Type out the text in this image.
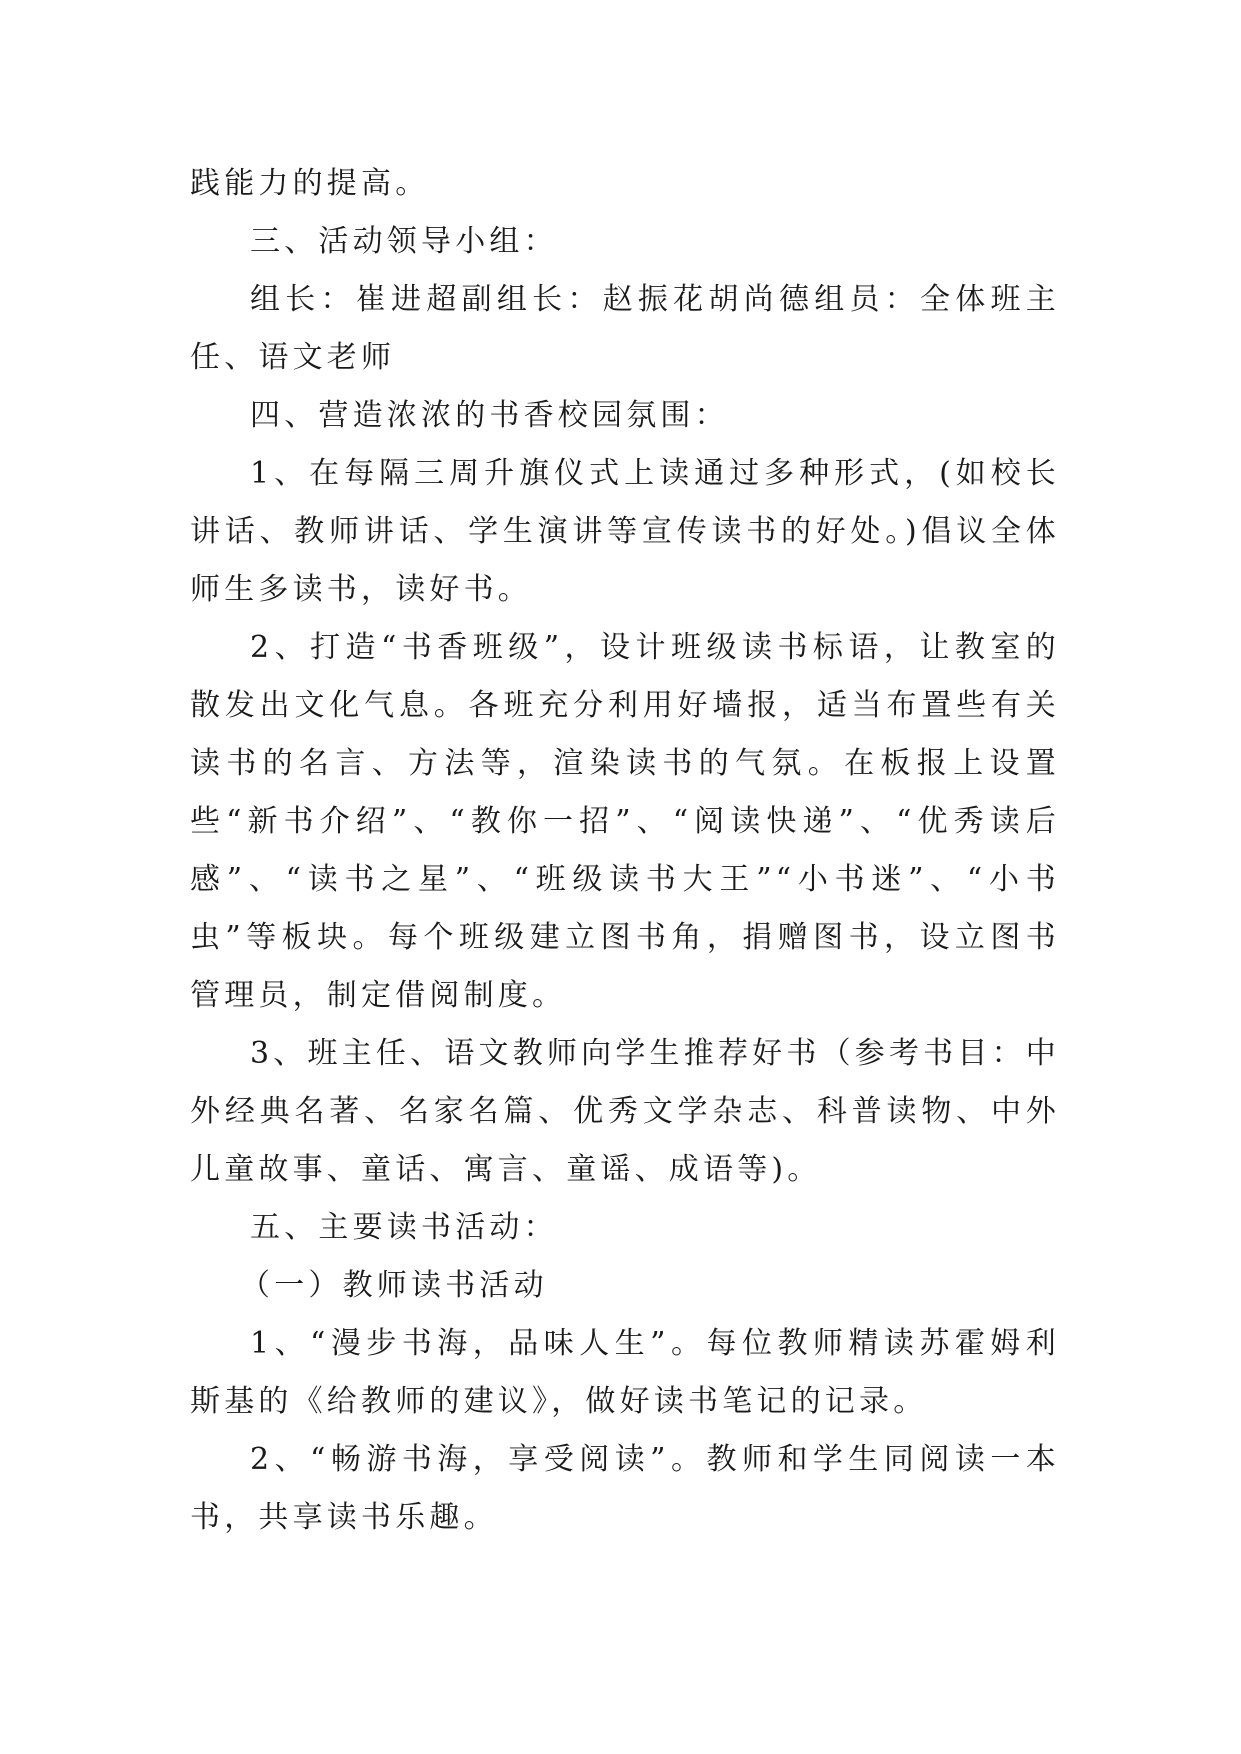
践能力的提高。

三、活动领导小组：

组长：崔进超副组长：赵振花胡尚德组员：全体班主任、语文老师

四、营造浓浓的书香校园氛围：

1、在每隔三周升旗仪式上读通过多种形式，(如校长讲话、教师讲话、学生演讲等宣传读书的好处。)倡议全体师生多读书，读好书。

2、打造“书香班级”，设计班级读书标语，让教室的散发出文化气息。各班充分利用好墙报，适当布置些有关读书的名言、方法等，渲染读书的气氛。在板报上设置些“新书介绍”、“教你一招”、“阅读快递”、“优秀读后感”、“读书之星”、“班级读书大王”“小书迷”、“小书虫”等板块。每个班级建立图书角，捐赠图书，设立图书管理员，制定借阅制度。

3、班主任、语文教师向学生推荐好书（参考书目：中外经典名著、名家名篇、优秀文学杂志、科普读物、中外儿童故事、童话、寓言、童谣、成语等)。

五、主要读书活动：

（一）教师读书活动

1、“漫步书海，品味人生”。每位教师精读苏霍姆利斯基的《给教师的建议》，做好读书笔记的记录。

2、“畅游书海，享受阅读”。教师和学生同阅读一本书，共享读书乐趣。
